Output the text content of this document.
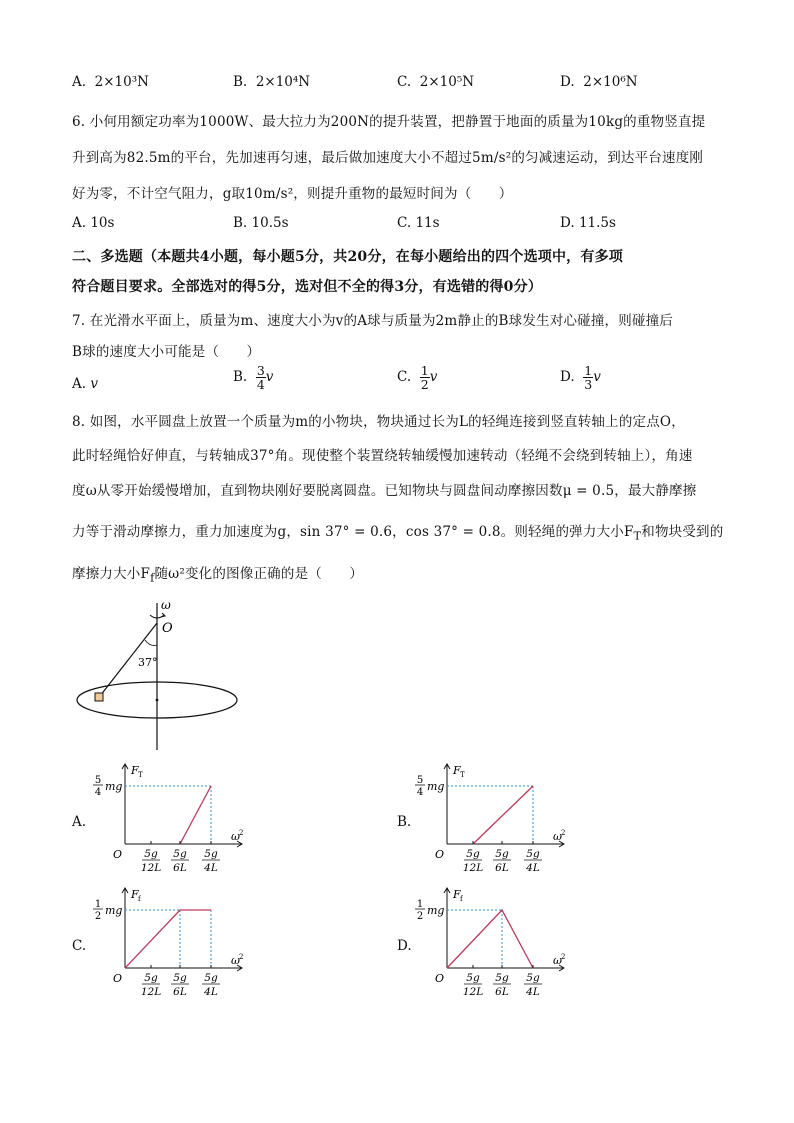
A. 2×10³N	B. 2×10⁴N	C. 2×10⁵N	D. 2×10⁶N
6. 小何用额定功率为1000W、最大拉力为200N的提升装置，把静置于地面的质量为10kg的重物竖直提
升到高为82.5m的平台，先加速再匀速，最后做加速度大小不超过5m/s²的匀减速运动，到达平台速度刚
好为零，不计空气阻力，g取10m/s²，则提升重物的最短时间为（　　）
A. 10s	B. 10.5s	C. 11s	D. 11.5s
二、多选题（本题共4小题，每小题5分，共20分，在每小题给出的四个选项中，有多项
符合题目要求。全部选对的得5分，选对但不全的得3分，有选错的得0分）
7. 在光滑水平面上，质量为m、速度大小为v的A球与质量为2m静止的B球发生对心碰撞，则碰撞后
B球的速度大小可能是（　　）
A. v	B. $\frac{3}{4}$ v	C. $\frac{1}{2}$ v	D. $\frac{1}{3}$ v
8. 如图，水平圆盘上放置一个质量为m的小物块，物块通过长为L的轻绳连接到竖直转轴上的定点O，
此时轻绳恰好伸直，与转轴成37°角。现使整个装置绕转轴缓慢加速转动（轻绳不会绕到转轴上），角速
度ω从零开始缓慢增加，直到物块刚好要脱离圆盘。已知物块与圆盘间动摩擦因数μ = 0.5，最大静摩擦
力等于滑动摩擦力，重力加速度为g，sin 37° = 0.6，cos 37° = 0.8。则轻绳的弹力大小$F_T$和物块受到的
摩擦力大小$F_f$随ω²变化的图像正确的是（　　）
ω
O
37°
A.	B.
C.	D.
F T
5
4 mg
O
ω 2
5g
12L
5g
6L
5g
4L
F T
5
4 mg
O
ω 2
5g
12L
5g
6L
5g
4L
F f
1
2 mg
O
ω 2
5g
12L
5g
6L
5g
4L
F f
1
2 mg
O
ω 2
5g
12L
5g
6L
5g
4L
